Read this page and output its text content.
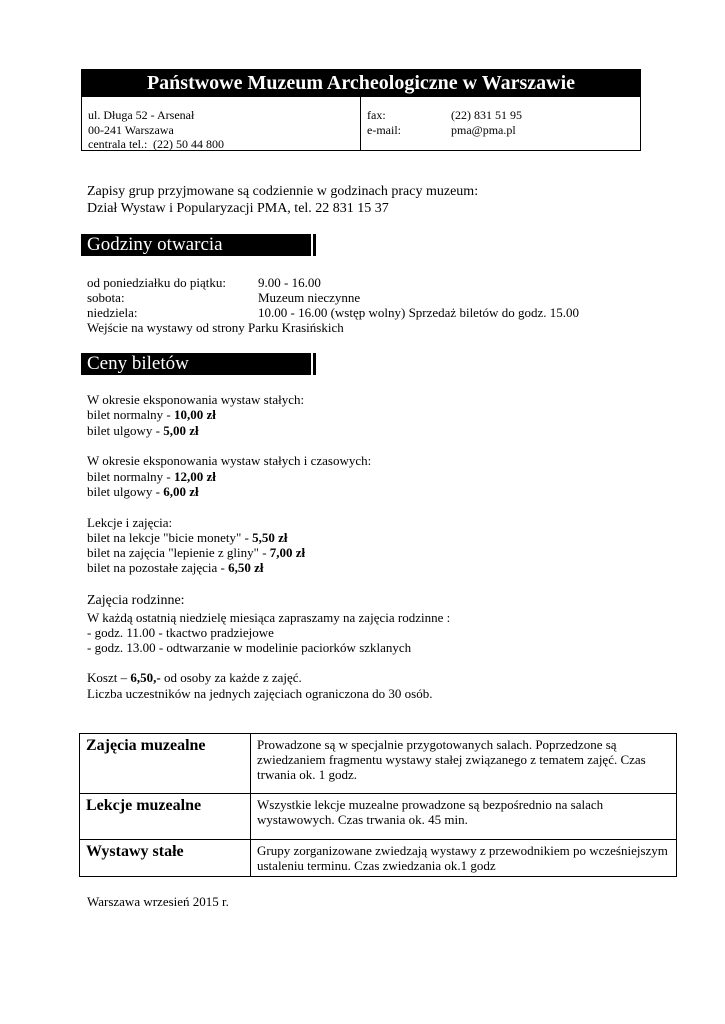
Państwowe Muzeum Archeologiczne w Warszawie
ul. Długa 52 - Arsenał
00-241 Warszawa
centrala tel.: (22) 50 44 800
fax:	(22) 831 51 95
e-mail:	pma@pma.pl
Zapisy grup przyjmowane są codziennie w godzinach pracy muzeum:
Dział Wystaw i Popularyzacji PMA, tel. 22 831 15 37
Godziny otwarcia
od poniedziałku do piątku: 9.00 - 16.00
sobota:	Muzeum nieczynne
niedziela:	10.00 - 16.00 (wstęp wolny) Sprzedaż biletów do godz. 15.00
Wejście na wystawy od strony Parku Krasińskich
Ceny biletów
W okresie eksponowania wystaw stałych:
bilet normalny - 10,00 zł
bilet ulgowy - 5,00 zł
W okresie eksponowania wystaw stałych i czasowych:
bilet normalny - 12,00 zł
bilet ulgowy - 6,00 zł
Lekcje i zajęcia:
bilet na lekcje "bicie monety" - 5,50 zł
bilet na zajęcia "lepienie z gliny" - 7,00 zł
bilet na pozostałe zajęcia - 6,50 zł
Zajęcia rodzinne:
W każdą ostatnią niedzielę miesiąca zapraszamy na zajęcia rodzinne :
- godz. 11.00 - tkactwo pradziejowe
- godz. 13.00 - odtwarzanie w modelinie paciorków szklanych
Koszt – 6,50,- od osoby za każde z zajęć.
Liczba uczestników na jednych zajęciach ograniczona do 30 osób.
Zajęcia muzealne	Prowadzone są w specjalnie przygotowanych salach. Poprzedzone są zwiedzaniem fragmentu wystawy stałej związanego z tematem zajęć. Czas trwania ok. 1 godz.
Lekcje muzealne	Wszystkie lekcje muzealne prowadzone są bezpośrednio na salach wystawowych. Czas trwania ok. 45 min.
Wystawy stałe	Grupy zorganizowane zwiedzają wystawy z przewodnikiem po wcześniejszym ustaleniu terminu. Czas zwiedzania ok.1 godz
Warszawa wrzesień 2015 r.
